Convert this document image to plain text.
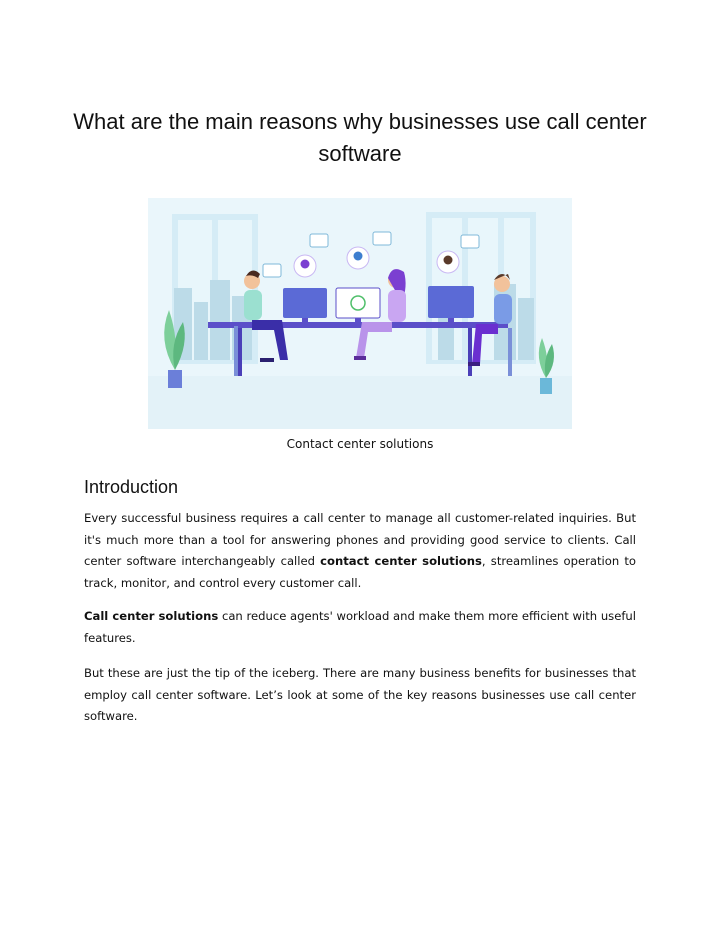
What are the main reasons why businesses use call center software
Contact center solutions
Introduction

Every successful business requires a call center to manage all customer-related inquiries. But it's much more than a tool for answering phones and providing good service to clients. Call center software interchangeably called contact center solutions, streamlines operation to track, monitor, and control every customer call.

Call center solutions can reduce agents' workload and make them more efficient with useful features.

But these are just the tip of the iceberg. There are many business benefits for businesses that employ call center software. Let’s look at some of the key reasons businesses use call center software.
